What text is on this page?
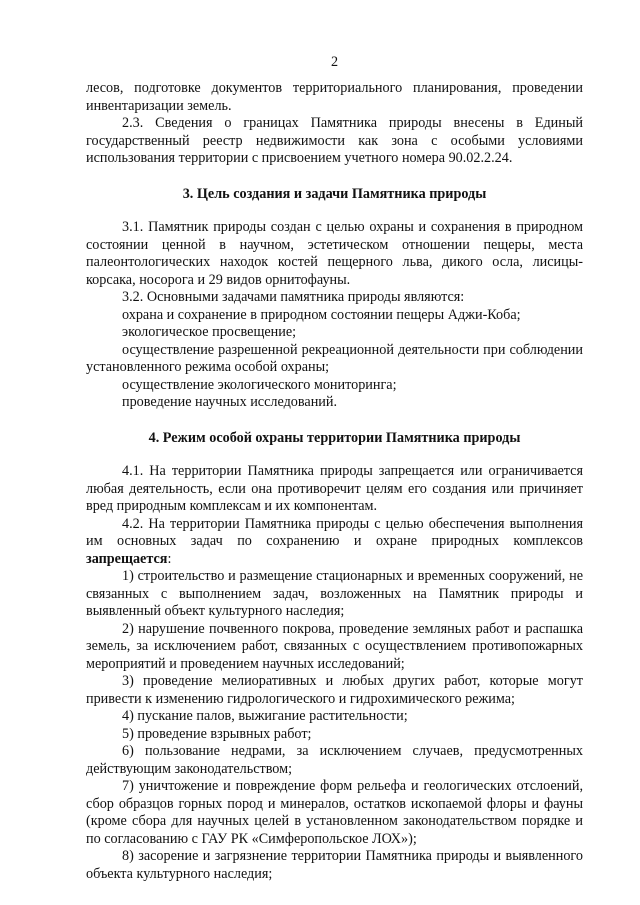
2

лесов, подготовке документов территориального планирования, проведении инвентаризации земель.

2.3. Сведения о границах Памятника природы внесены в Единый государственный реестр недвижимости как зона с особыми условиями использования территории с присвоением учетного номера 90.02.2.24.

3. Цель создания и задачи Памятника природы

3.1. Памятник природы создан с целью охраны и сохранения в природном состоянии ценной в научном, эстетическом отношении пещеры, места палеонтологических находок костей пещерного льва, дикого осла, лисицы-корсака, носорога и 29 видов орнитофауны.

3.2. Основными задачами памятника природы являются:

охрана и сохранение в природном состоянии пещеры Аджи-Коба;

экологическое просвещение;

осуществление разрешенной рекреационной деятельности при соблюдении установленного режима особой охраны;

осуществление экологического мониторинга;

проведение научных исследований.

4. Режим особой охраны территории Памятника природы

4.1. На территории Памятника природы запрещается или ограничивается любая деятельность, если она противоречит целям его создания или причиняет вред природным комплексам и их компонентам.

4.2. На территории Памятника природы с целью обеспечения выполнения им основных задач по сохранению и охране природных комплексов запрещается:

1) строительство и размещение стационарных и временных сооружений, не связанных с выполнением задач, возложенных на Памятник природы и выявленный объект культурного наследия;

2) нарушение почвенного покрова, проведение земляных работ и распашка земель, за исключением работ, связанных с осуществлением противопожарных мероприятий и проведением научных исследований;

3) проведение мелиоративных и любых других работ, которые могут привести к изменению гидрологического и гидрохимического режима;

4) пускание палов, выжигание растительности;

5) проведение взрывных работ;

6) пользование недрами, за исключением случаев, предусмотренных действующим законодательством;

7) уничтожение и повреждение форм рельефа и геологических отслоений, сбор образцов горных пород и минералов, остатков ископаемой флоры и фауны (кроме сбора для научных целей в установленном законодательством порядке и по согласованию с ГАУ РК «Симферопольское ЛОХ»);

8) засорение и загрязнение территории Памятника природы и выявленного объекта культурного наследия;
